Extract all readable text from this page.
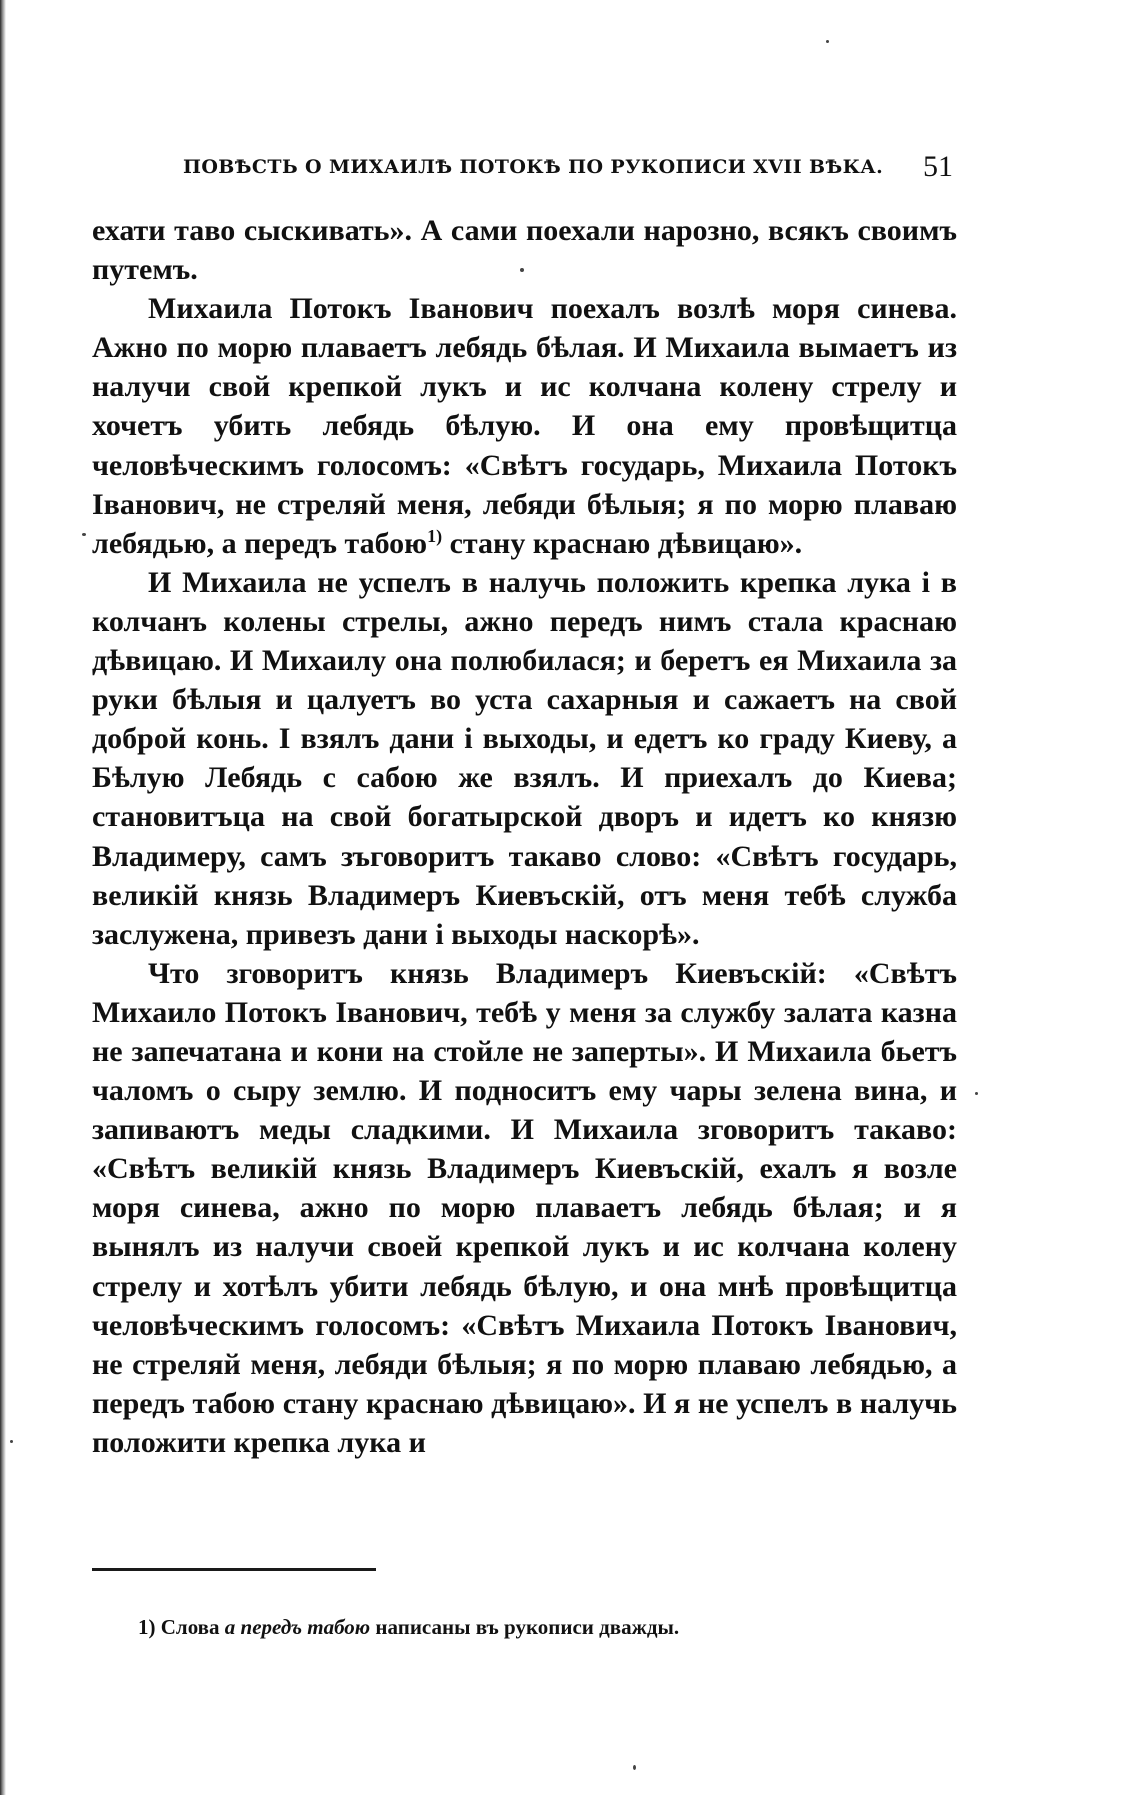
ПОВѢСТЬ О МИХАИЛѢ ПОТОКѢ ПО РУКОПИСИ XVII ВѢКА. 51

ехати таво сыскивать». А сами поехали нарозно, всякъ своимъ путемъ.

Михаила Потокъ Іванович поехалъ возлѣ моря синева. Ажно по морю плаваетъ лебядь бѣлая. И Михаила вымаетъ из налучи свой крепкой лукъ и ис колчана колену стрелу и хочетъ убить лебядь бѣлую. И она ему провѣщитца человѣческимъ голосомъ: «Свѣтъ государь, Михаила Потокъ Іванович, не стреляй меня, лебяди бѣлыя; я по морю плаваю лебядью, а передъ табою$^{1)}$ стану краснаю дѣвицаю».

И Михаила не успелъ в налучь положить крепка лука і в колчанъ колены стрелы, ажно передъ нимъ стала краснаю дѣвицаю. И Михаилу она полюбилася; и беретъ ея Михаила за руки бѣлыя и цалуетъ во уста сахарныя и сажаетъ на свой доброй конь. І взялъ дани і выходы, и едетъ ко граду Киеву, а Бѣлую Лебядь с сабою же взялъ. И приехалъ до Киева; становитъца на свой богатырской дворъ и идетъ ко князю Владимеру, самъ зъговоритъ такаво слово: «Свѣтъ государь, великій князь Владимеръ Киевъскій, отъ меня тебѣ служба заслужена, привезъ дани і выходы наскорѣ».

Что зговоритъ князь Владимеръ Киевъскій: «Свѣтъ Михаило Потокъ Іванович, тебѣ у меня за службу залата казна не запечатана и кони на стойле не заперты». И Михаила бьетъ чаломъ о сыру землю. И подноситъ ему чары зелена вина, и запиваютъ меды сладкими. И Михаила зговоритъ такаво: «Свѣтъ великій князь Владимеръ Киевъскій, ехалъ я возле моря синева, ажно по морю плаваетъ лебядь бѣлая; и я вынялъ из налучи своей крепкой лукъ и ис колчана колену стрелу и хотѣлъ убити лебядь бѣлую, и она мнѣ провѣщитца человѣческимъ голосомъ: «Свѣтъ Михаила Потокъ Іванович, не стреляй меня, лебяди бѣлыя; я по морю плаваю лебядью, а передъ табою стану краснаю дѣвицаю». И я не успелъ в налучь положити крепка лука и

1) Слова а передъ табою написаны въ рукописи дважды.
